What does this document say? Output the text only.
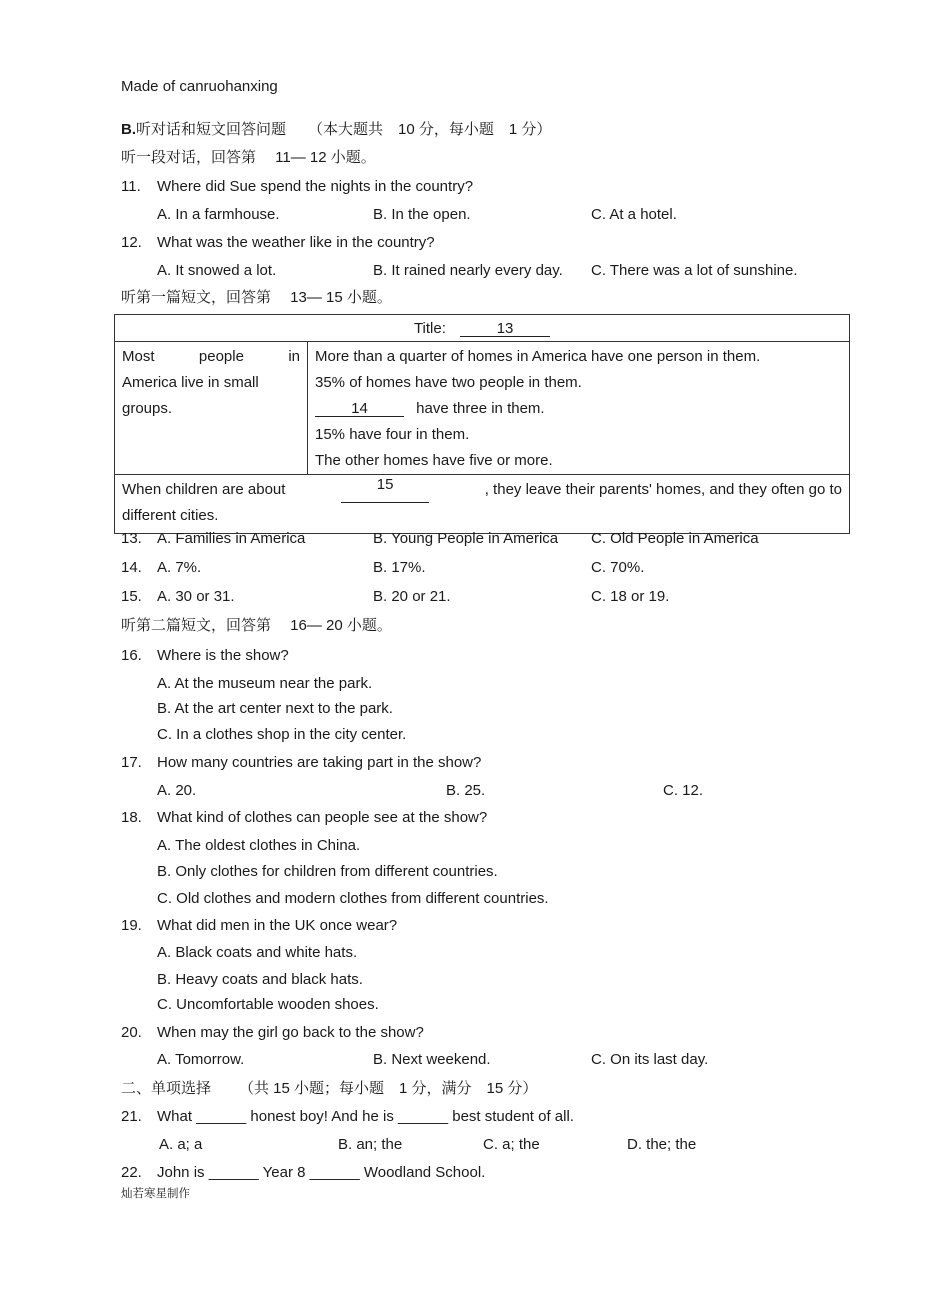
Made of canruohanxing
B.听对话和短文回答问题 （本大题共　10 分，每小题　1 分）
听一段对话，回答第　 11— 12 小题。
11. Where did Sue spend the nights in the country?
A. In a farmhouse.	B. In the open.	C. At a hotel.
12. What was the weather like in the country?
A. It snowed a lot.	B. It rained nearly every day. C. There was a lot of sunshine.
听第一篇短文，回答第　 13— 15 小题。
Title:	13

Most	people	in
America live in small
groups.

More than a quarter of homes in America have one person in them.
35% of homes have two people in them.
14	have three in them.
15% have four in them.
The other homes have five or more.

When children are about	15	, they leave their parents' homes, and they often go to
different cities.
13.	A. Families in America	B. Young People in America C. Old People in America
14.	A. 7%.	B. 17%.	C. 70%.
15.	A. 30 or 31.	B. 20 or 21.	C. 18 or 19.
听第二篇短文，回答第　 16— 20 小题。
16. Where is the show?
A. At the museum near the park.
B. At the art center next to the park.
C. In a clothes shop in the city center.
17. How many countries are taking part in the show?
A. 20.	B. 25.	C. 12.
18. What kind of clothes can people see at the show?
A. The oldest clothes in China.
B. Only clothes for children from different countries.
C. Old clothes and modern clothes from different countries.
19. What did men in the UK once wear?
A. Black coats and white hats.
B. Heavy coats and black hats.
C. Uncomfortable wooden shoes.
20. When may the girl go back to the show?
A. Tomorrow.	B. Next weekend.	C. On its last day.
二、单项选择 （共 15 小题；每小题　1 分，满分　15 分）
21. What ______ honest boy! And he is ______ best student of all.
A. a; a	B. an; the	C. a; the	D. the; the
22. John is ______ Year 8 ______ Woodland School.
灿若寒星制作
